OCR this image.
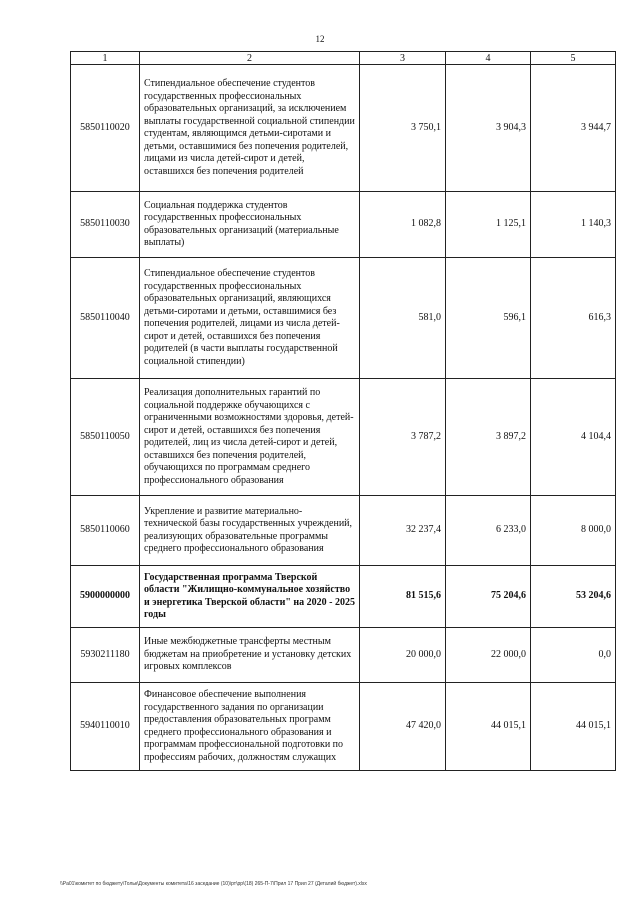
12
1	2	3	4	5
5850110020	Стипендиальное обеспечение студентов государственных профессиональных образовательных организаций, за исключением выплаты государственной социальной стипендии студентам, являющимся детьми-сиротами и детьми, оставшимися без попечения родителей, лицами из числа детей-сирот и детей, оставшихся без попечения родителей	3 750,1	3 904,3	3 944,7
5850110030	Социальная поддержка студентов государственных профессиональных образовательных организаций (материальные выплаты)	1 082,8	1 125,1	1 140,3
5850110040	Стипендиальное обеспечение студентов государственных профессиональных образовательных организаций, являющихся детьми-сиротами и детьми, оставшимися без попечения родителей, лицами из числа детей-сирот и детей, оставшихся без попечения родителей (в части выплаты государственной социальной стипендии)	581,0	596,1	616,3
5850110050	Реализация дополнительных гарантий по социальной поддержке обучающихся с ограниченными возможностями здоровья, детей-сирот и детей, оставшихся без попечения родителей, лиц из числа детей-сирот и детей, оставшихся без попечения родителей, обучающихся по программам среднего профессионального образования	3 787,2	3 897,2	4 104,4
5850110060	Укрепление и развитие материально-технической базы государственных учреждений, реализующих образовательные программы среднего профессионального образования	32 237,4	6 233,0	8 000,0
5900000000	Государственная программа Тверской области "Жилищно-коммунальное хозяйство и энергетика Тверской области" на 2020 - 2025 годы	81 515,6	75 204,6	53 204,6
5930211180	Иные межбюджетные трансферты местным бюджетам на приобретение и установку детских игровых комплексов	20 000,0	22 000,0	0,0
5940110010	Финансовое обеспечение выполнения государственного задания по организации предоставления образовательных программ среднего профессионального образования и программам профессиональной подготовки по профессиям рабочих, должностям служащих	47 420,0	44 015,1	44 015,1
\\Pa01\комитет по бюджету\Тольк\Документы комитета\16 заседание (10)\рт\рр\(18) 265-П-7\Прил 17 Прил 27 (Деталий бюджет).xlsx
